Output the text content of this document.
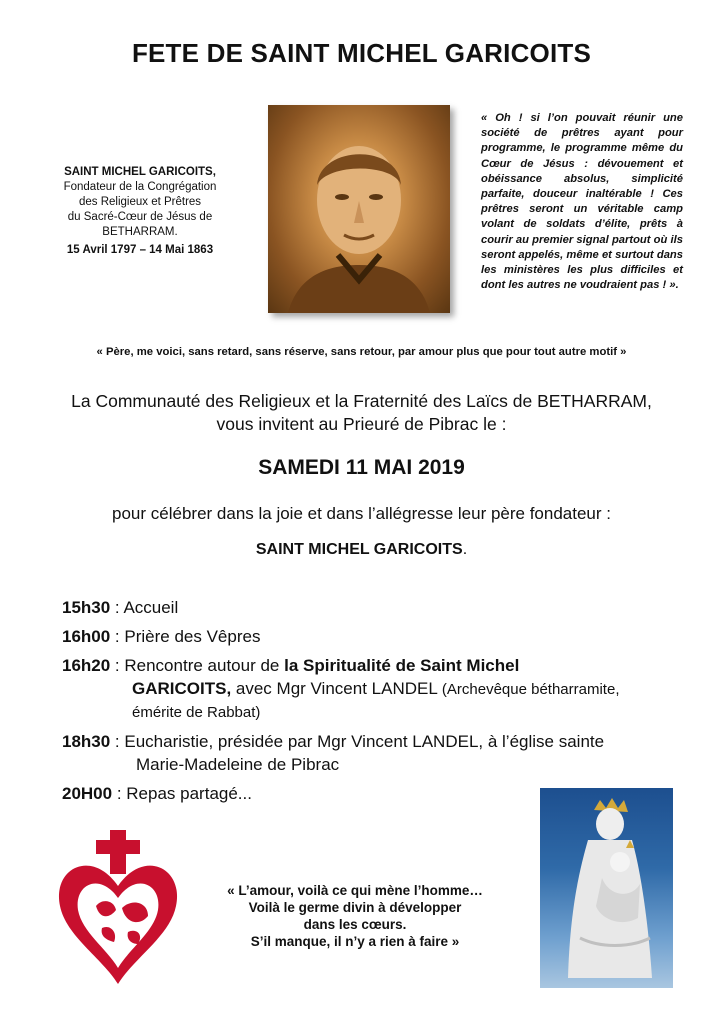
FETE DE SAINT MICHEL GARICOITS
SAINT MICHEL GARICOITS,
Fondateur de la Congrégation
des Religieux et Prêtres
du Sacré-Cœur de Jésus de
BETHARRAM.
15 Avril 1797 – 14 Mai 1863
« Oh ! si l’on pouvait réunir une société de prêtres ayant pour programme, le programme même du Cœur de Jésus : dévouement et obéissance absolus, simplicité parfaite, douceur inaltérable ! Ces prêtres seront un véritable camp volant de soldats d’élite, prêts à courir au premier signal partout où ils seront appelés, même et surtout dans les ministères les plus difficiles et dont les autres ne voudraient pas ! ».
« Père, me voici, sans retard, sans réserve, sans retour, par amour plus que pour tout autre motif »
La Communauté des Religieux et la Fraternité des Laïcs de BETHARRAM,
vous invitent au Prieuré de Pibrac le :
SAMEDI 11 MAI 2019
pour célébrer dans la joie et dans l’allégresse leur père fondateur :
SAINT MICHEL GARICOITS.
15h30 : Accueil
16h00 : Prière des Vêpres
16h20 : Rencontre autour de la Spiritualité de Saint Michel
GARICOITS, avec Mgr Vincent LANDEL (Archevêque bétharramite,
émérite de Rabbat)
18h30 : Eucharistie, présidée par Mgr Vincent LANDEL, à l’église sainte
Marie-Madeleine de Pibrac
20H00 : Repas partagé...
« L’amour, voilà ce qui mène l’homme…
Voilà le germe divin à développer
dans les cœurs.
S’il manque, il n’y a rien à faire »
